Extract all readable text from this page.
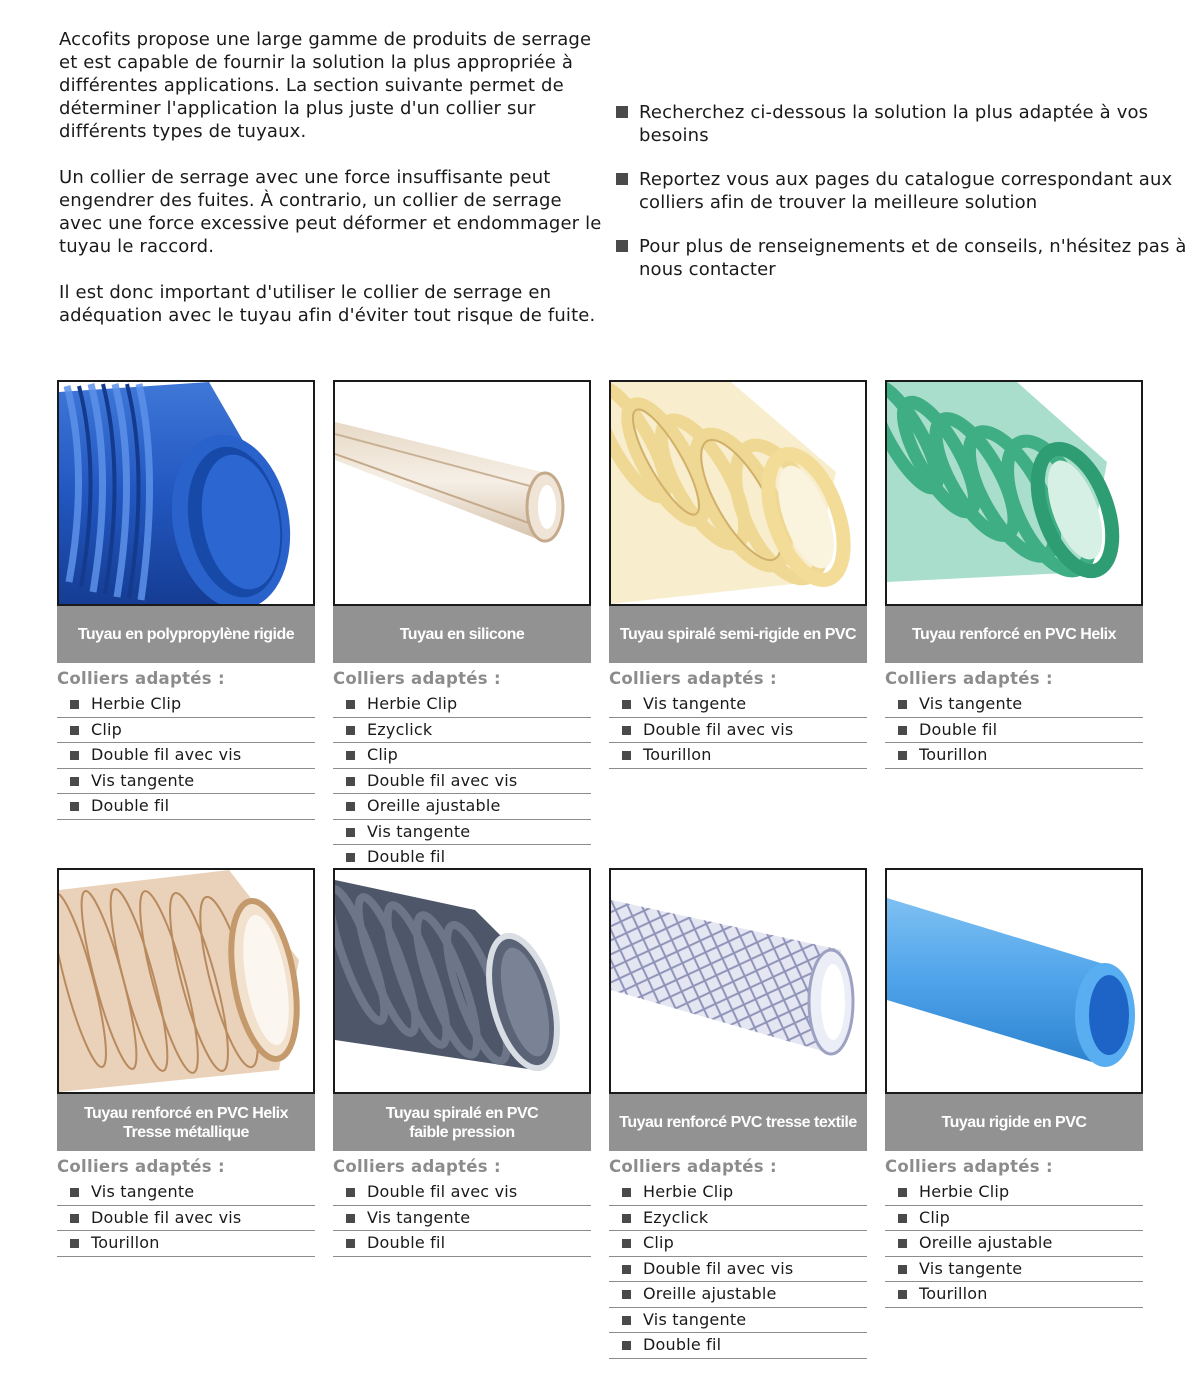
Accofits propose une large gamme de produits de serrage et est capable de fournir la solution la plus appropriée à différentes applications. La section suivante permet de déterminer l'application la plus juste d'un collier sur différents types de tuyaux.

Un collier de serrage avec une force insuffisante peut engendrer des fuites. À contrario, un collier de serrage avec une force excessive peut déformer et endommager le tuyau le raccord.

Il est donc important d'utiliser le collier de serrage en adéquation avec le tuyau afin d'éviter tout risque de fuite.

Recherchez ci-dessous la solution la plus adaptée à vos besoins
Reportez vous aux pages du catalogue correspondant aux colliers afin de trouver la meilleure solution
Pour plus de renseignements et de conseils, n'hésitez pas à nous contacter
Tuyau en polypropylène rigide
Colliers adaptés :
Herbie Clip
Clip
Double fil avec vis
Vis tangente
Double fil
Tuyau en silicone
Colliers adaptés :
Herbie Clip
Ezyclick
Clip
Double fil avec vis
Oreille ajustable
Vis tangente
Double fil
Tuyau spiralé semi-rigide en PVC
Colliers adaptés :
Vis tangente
Double fil avec vis
Tourillon
Tuyau renforcé en PVC Helix
Colliers adaptés :
Vis tangente
Double fil
Tourillon
Tuyau renforcé en PVC Helix
Tresse métallique
Colliers adaptés :
Vis tangente
Double fil avec vis
Tourillon
Tuyau spiralé en PVC
faible pression
Colliers adaptés :
Double fil avec vis
Vis tangente
Double fil
Tuyau renforcé PVC tresse textile
Colliers adaptés :
Herbie Clip
Ezyclick
Clip
Double fil avec vis
Oreille ajustable
Vis tangente
Double fil
Tuyau rigide en PVC
Colliers adaptés :
Herbie Clip
Clip
Oreille ajustable
Vis tangente
Tourillon
